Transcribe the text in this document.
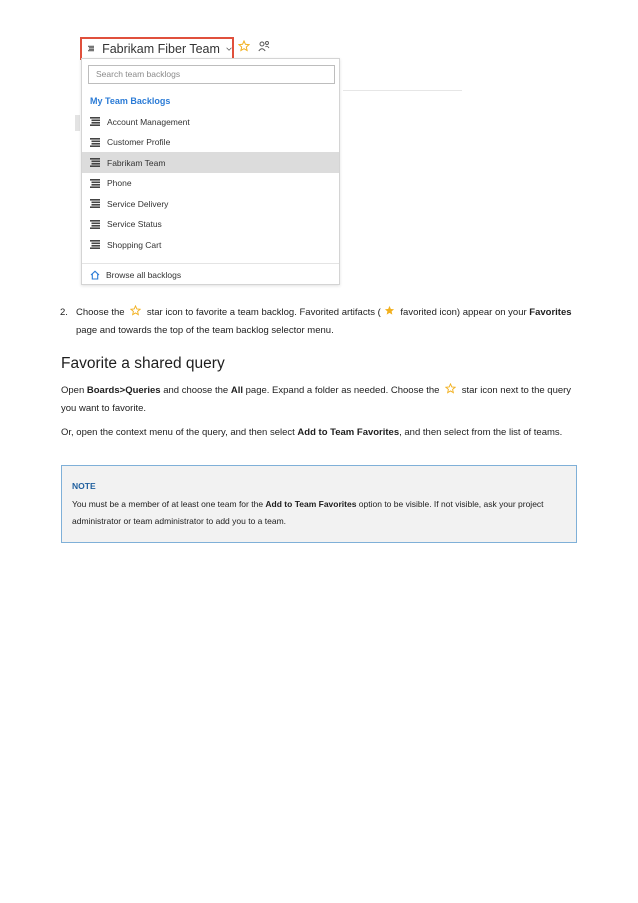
Fabrikam Fiber Team
Search team backlogs
My Team Backlogs
Account Management
Customer Profile
Fabrikam Team
Phone
Service Delivery
Service Status
Shopping Cart
Browse all backlogs
2. Choose the star icon to favorite a team backlog. Favorited artifacts ( favorited icon) appear on your Favorites page and towards the top of the team backlog selector menu.
Favorite a shared query

Open Boards>Queries and choose the All page. Expand a folder as needed. Choose the star icon next to the query you want to favorite.

Or, open the context menu of the query, and then select Add to Team Favorites, and then select from the list of teams.

NOTE
You must be a member of at least one team for the Add to Team Favorites option to be visible. If not visible, ask your project administrator or team administrator to add you to a team.
